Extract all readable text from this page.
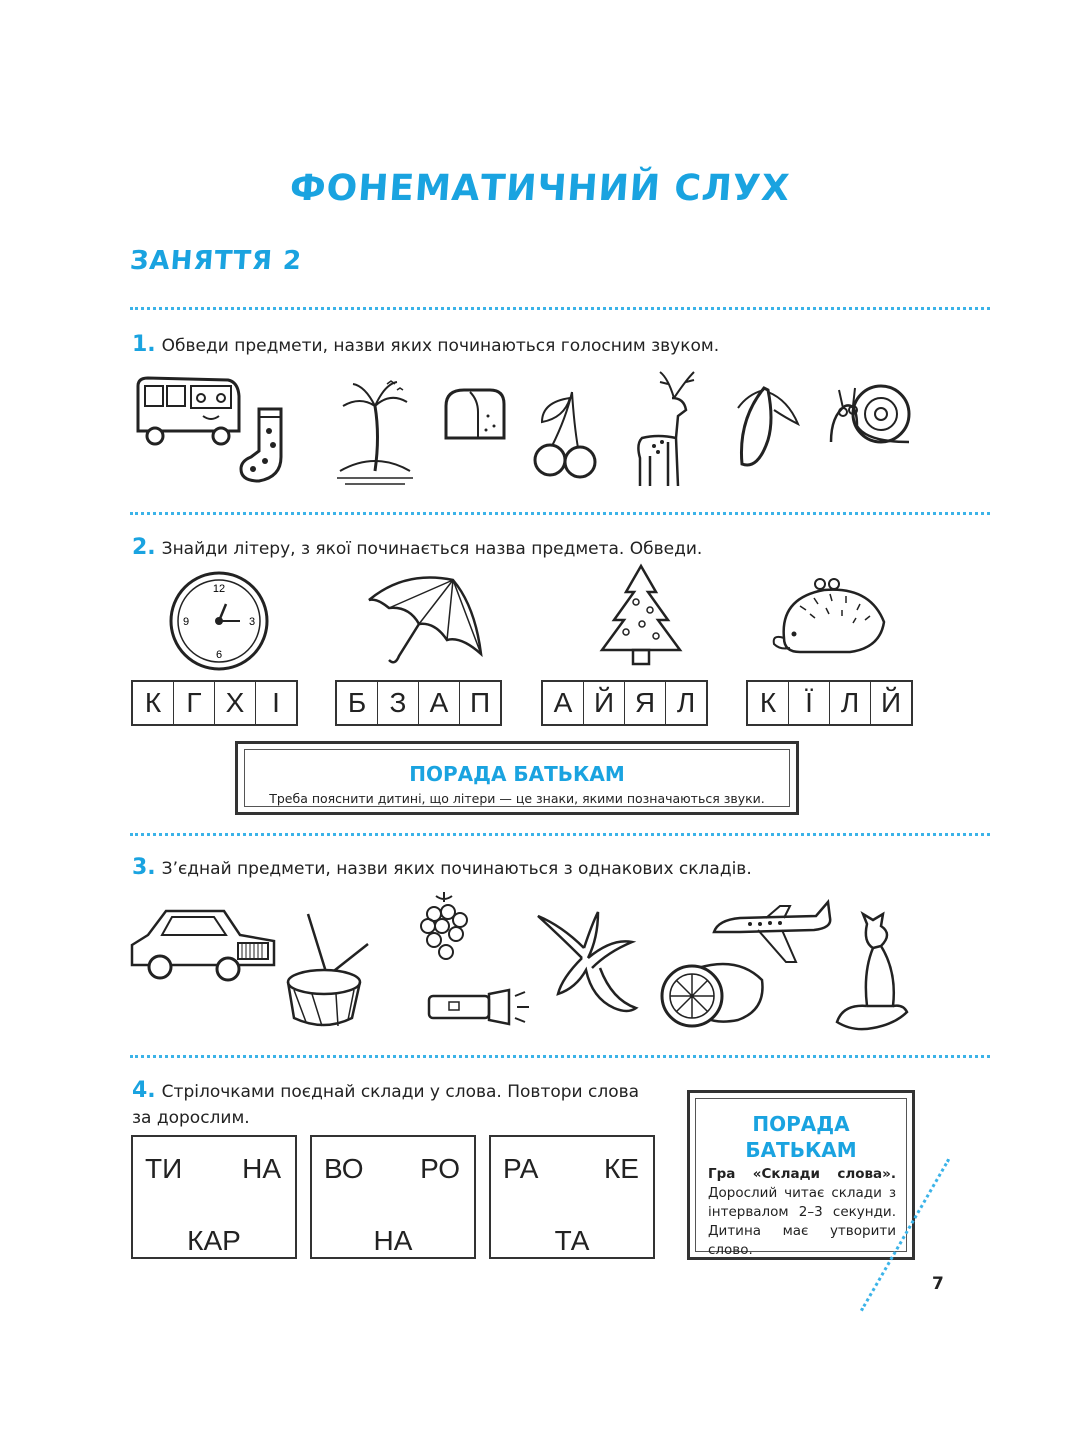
ФОНЕМАТИЧНИЙ СЛУХ
ЗАНЯТТЯ 2
1. Обведи предмети, назви яких починаються голосним звуком.
2. Знайди літеру, з якої починається назва предмета. Обведи.
12
3
6
9
К Г Х І	Б З А П	А Й Я Л	К	Ї Л Й
ПОРАДА БАТЬКАМ
Треба пояснити дитині, що літери — це знаки, якими позначаються звуки.
3. З’єднай предмети, назви яких починаються з однакових складів.
4. Стрілочками поєднай склади у слова. Повтори слова за дорослим.
ТИ НА
КАР
ВО РО
НА
РА КЕ
ТА
ПОРАДА
БАТЬКАМ
Гра «Склади слова». Дорослий читає склади з інтервалом 2–3 секунди. Дитина має утворити слово.
7
